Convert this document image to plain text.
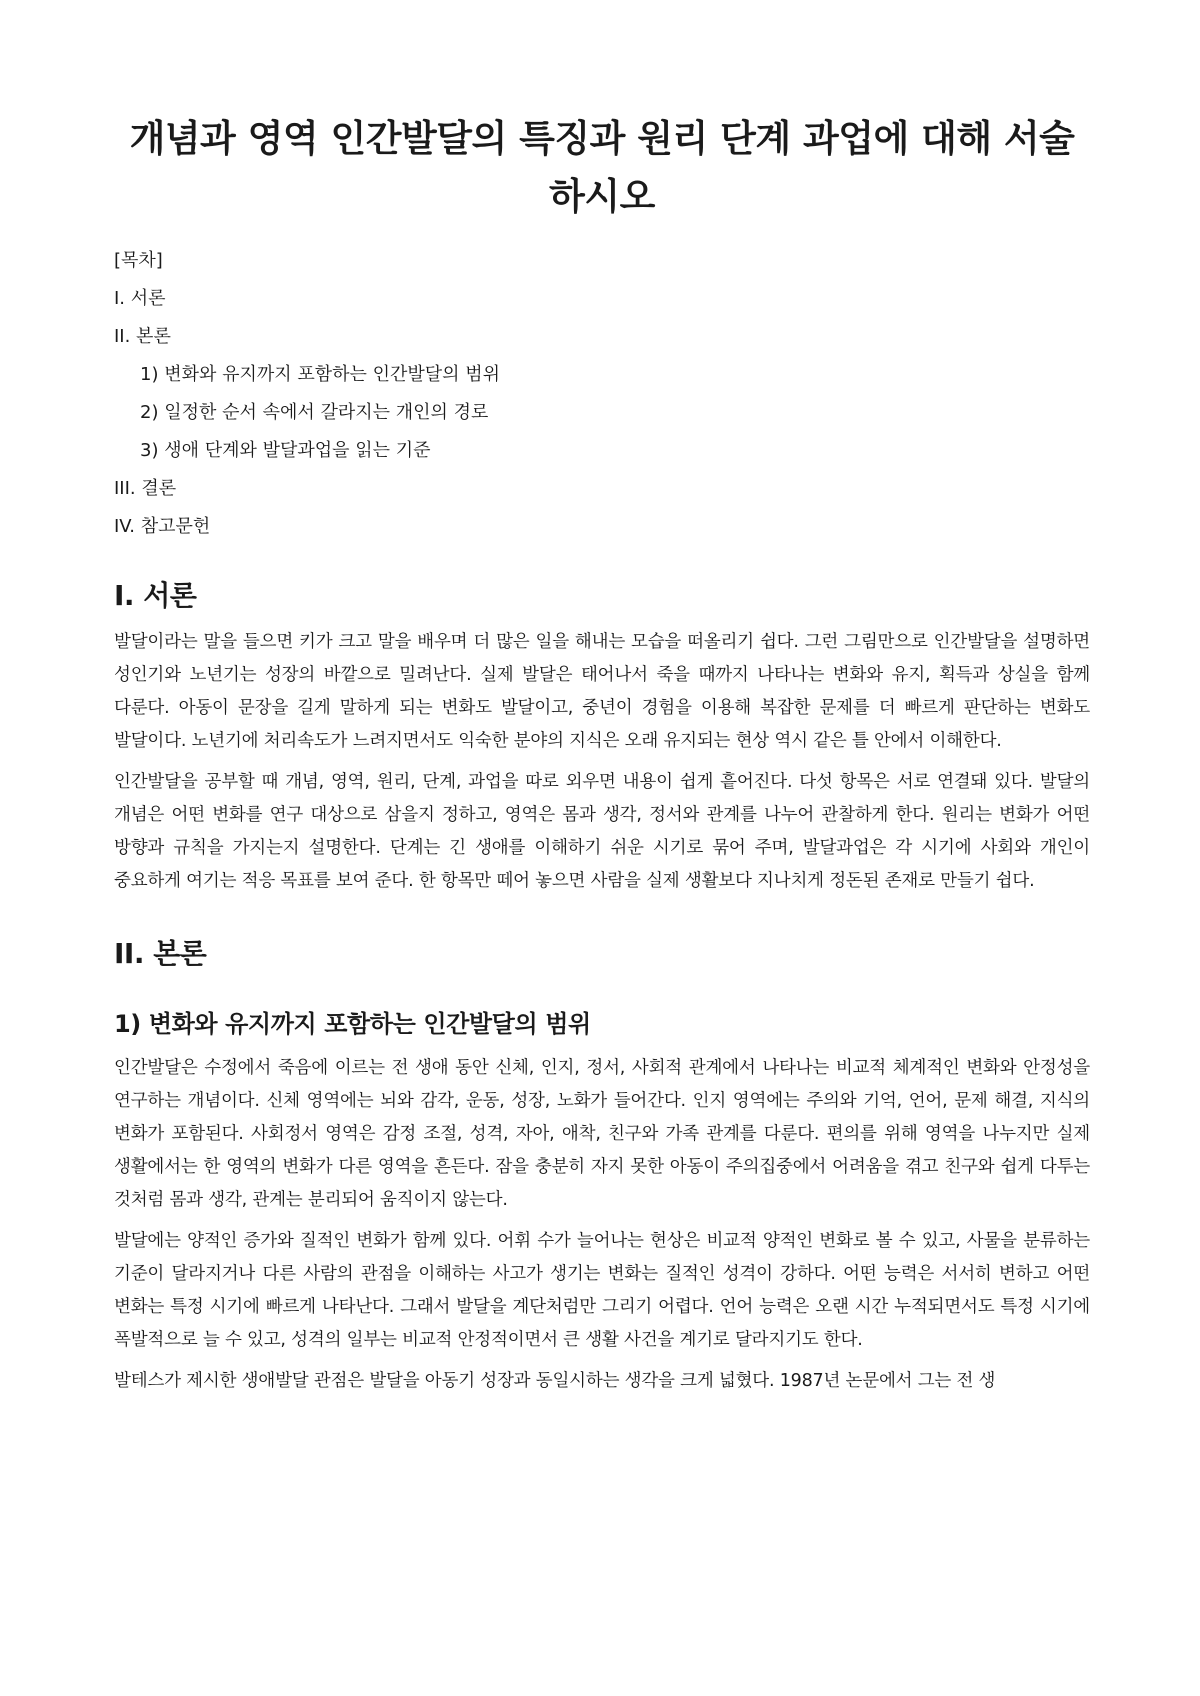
개념과 영역 인간발달의 특징과 원리 단계 과업에 대해 서술하시오
[목차]
I. 서론
II. 본론
1) 변화와 유지까지 포함하는 인간발달의 범위
2) 일정한 순서 속에서 갈라지는 개인의 경로
3) 생애 단계와 발달과업을 읽는 기준
III. 결론
IV. 참고문헌
I. 서론

발달이라는 말을 들으면 키가 크고 말을 배우며 더 많은 일을 해내는 모습을 떠올리기 쉽다. 그런 그림만으로 인간발달을 설명하면 성인기와 노년기는 성장의 바깥으로 밀려난다. 실제 발달은 태어나서 죽을 때까지 나타나는 변화와 유지, 획득과 상실을 함께 다룬다. 아동이 문장을 길게 말하게 되는 변화도 발달이고, 중년이 경험을 이용해 복잡한 문제를 더 빠르게 판단하는 변화도 발달이다. 노년기에 처리속도가 느려지면서도 익숙한 분야의 지식은 오래 유지되는 현상 역시 같은 틀 안에서 이해한다.

인간발달을 공부할 때 개념, 영역, 원리, 단계, 과업을 따로 외우면 내용이 쉽게 흩어진다. 다섯 항목은 서로 연결돼 있다. 발달의 개념은 어떤 변화를 연구 대상으로 삼을지 정하고, 영역은 몸과 생각, 정서와 관계를 나누어 관찰하게 한다. 원리는 변화가 어떤 방향과 규칙을 가지는지 설명한다. 단계는 긴 생애를 이해하기 쉬운 시기로 묶어 주며, 발달과업은 각 시기에 사회와 개인이 중요하게 여기는 적응 목표를 보여 준다. 한 항목만 떼어 놓으면 사람을 실제 생활보다 지나치게 정돈된 존재로 만들기 쉽다.

II. 본론
1) 변화와 유지까지 포함하는 인간발달의 범위

인간발달은 수정에서 죽음에 이르는 전 생애 동안 신체, 인지, 정서, 사회적 관계에서 나타나는 비교적 체계적인 변화와 안정성을 연구하는 개념이다. 신체 영역에는 뇌와 감각, 운동, 성장, 노화가 들어간다. 인지 영역에는 주의와 기억, 언어, 문제 해결, 지식의 변화가 포함된다. 사회정서 영역은 감정 조절, 성격, 자아, 애착, 친구와 가족 관계를 다룬다. 편의를 위해 영역을 나누지만 실제 생활에서는 한 영역의 변화가 다른 영역을 흔든다. 잠을 충분히 자지 못한 아동이 주의집중에서 어려움을 겪고 친구와 쉽게 다투는 것처럼 몸과 생각, 관계는 분리되어 움직이지 않는다.

발달에는 양적인 증가와 질적인 변화가 함께 있다. 어휘 수가 늘어나는 현상은 비교적 양적인 변화로 볼 수 있고, 사물을 분류하는 기준이 달라지거나 다른 사람의 관점을 이해하는 사고가 생기는 변화는 질적인 성격이 강하다. 어떤 능력은 서서히 변하고 어떤 변화는 특정 시기에 빠르게 나타난다. 그래서 발달을 계단처럼만 그리기 어렵다. 언어 능력은 오랜 시간 누적되면서도 특정 시기에 폭발적으로 늘 수 있고, 성격의 일부는 비교적 안정적이면서 큰 생활 사건을 계기로 달라지기도 한다.

발테스가 제시한 생애발달 관점은 발달을 아동기 성장과 동일시하는 생각을 크게 넓혔다. 1987년 논문에서 그는 전 생
